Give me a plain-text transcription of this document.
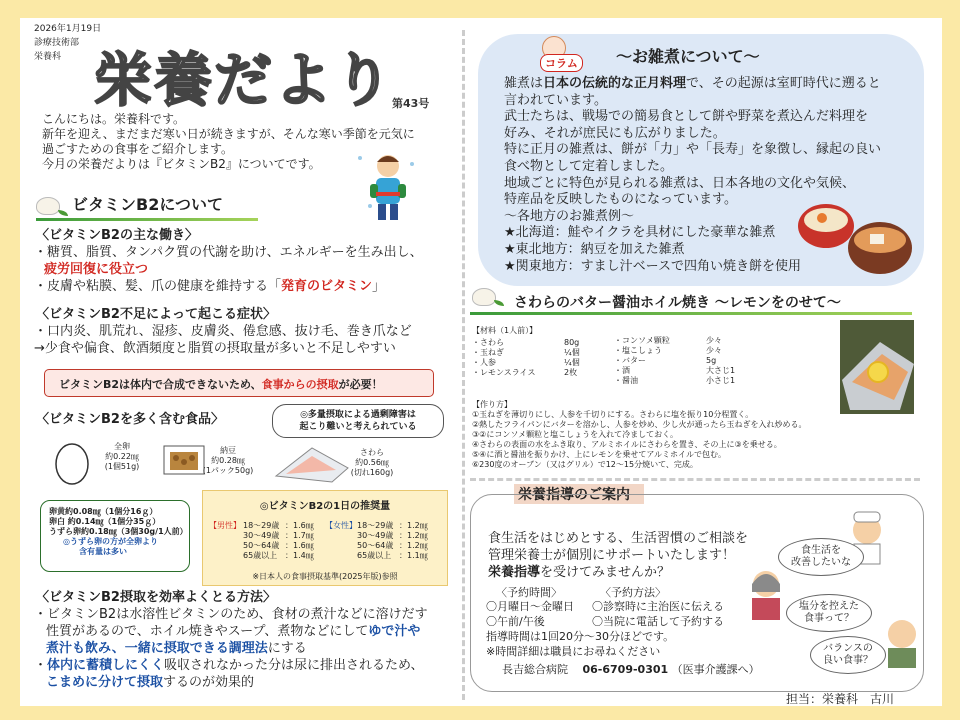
2026年1月19日
診療技術部
栄養科 栄養だより
第43号
こんにちは。栄養科です。
新年を迎え、まだまだ寒い日が続きますが、そんな寒い季節を元気に
過ごすための食事をご紹介します。
今月の栄養だよりは『ビタミンB2』についてです。
ビタミンB2について
〈ビタミンB2の主な働き〉
・糖質、脂質、タンパク質の代謝を助け、エネルギーを生み出し、
疲労回復に役立つ
・皮膚や粘膜、髪、爪の健康を維持する「発育のビタミン」
〈ビタミンB2不足によって起こる症状〉
・口内炎、肌荒れ、湿疹、皮膚炎、倦怠感、抜け毛、巻き爪など
→少食や偏食、飲酒頻度と脂質の摂取量が多いと不足しやすい
ビタミンB2は体内で合成できないため、食事からの摂取が必要！
〈ビタミンB2を多く含む食品〉	◎多量摂取による過剰障害は
起こり難いと考えられている
全卵
約0.22㎎
(1個51g)
納豆
約0.28㎎
(1パック50g)
さわら
約0.56㎎
(切れ160g)
卵黄約0.08㎎（1個分16ｇ）
卵白 約0.14㎎（1個分35ｇ）
うずら卵約0.18㎎（3個30g/1人前）
◎うずら卵の方が全卵より
含有量は多い
◎ビタミンB2の1日の推奨量
【男性】 18～29歳 ：1.6㎎
30～49歳 ：1.7㎎
50～64歳 ：1.6㎎
65歳以上 ：1.4㎎
【女性】 18～29歳 ：1.2㎎
30～49歳 ：1.2㎎
50～64歳 ：1.2㎎
65歳以上 ：1.1㎎
※日本人の食事摂取基準(2025年版)参照
〈ビタミンB2摂取を効率よくとる方法〉
・ビタミンB2は水溶性ビタミンのため、食材の煮汁などに溶けだす
性質があるので、ホイル焼きやスープ、煮物などにしてゆで汁や
煮汁も飲み、一緒に摂取できる調理法にする
・体内に蓄積しにくく吸収されなかった分は尿に排出されるため、
こまめに分けて摂取するのが効果的
コラム	～お雑煮について～
雑煮は日本の伝統的な正月料理で、その起源は室町時代に遡ると
言われています。
武士たちは、戦場での簡易食として餅や野菜を煮込んだ料理を
好み、それが庶民にも広がりました。
特に正月の雑煮は、餅が「力」や「長寿」を象徴し、縁起の良い
食べ物として定着しました。
地域ごとに特色が見られる雑煮は、日本各地の文化や気候、
特産品を反映したものになっています。
～各地方のお雑煮例～
★北海道：鮭やイクラを具材にした豪華な雑煮
★東北地方：納豆を加えた雑煮
★関東地方：すまし汁ベースで四角い焼き餅を使用
さわらのバター醤油ホイル焼き ～レモンをのせて～
【材料（1人前）】
・さわら	80g
・玉ねぎ	¼個
・人参	¼個
・レモンスライス	2枚
・コンソメ顆粒	少々
・塩こしょう	少々
・バター	5g
・酒	大さじ1
・醤油	小さじ1
【作り方】
①玉ねぎを薄切りにし、人参を千切りにする。さわらに塩を振り10分程置く。
②熱したフライパンにバターを溶かし、人参を炒め、少し火が通ったら玉ねぎを入れ炒める。
③②にコンソメ顆粒と塩こしょうを入れて冷ましておく。
④さわらの表面の水をふき取り、アルミホイルにさわらを置き、その上に③を乗せる。
⑤④に酒と醤油を振りかけ、上にレモンを乗せてアルミホイルで包む。
⑥230度のオーブン（又はグリル）で12～15分焼いて、完成。
栄養指導のご案内
食生活をはじめとする、生活習慣のご相談を
管理栄養士が個別にサポートいたします！
栄養指導を受けてみませんか？
〈予約時間〉
〇月曜日～金曜日
〇午前/午後
〈予約方法〉
〇診察時に主治医に伝える
〇当院に電話して予約する
指導時間は1回20分～30分ほどです。
※時間詳細は職員にお尋ねください
長吉総合病院　 06-6709-0301 （医事介護課へ）
食生活を
改善したいな
塩分を控えた
食事って？
バランスの
良い食事？
担当：栄養科　古川
